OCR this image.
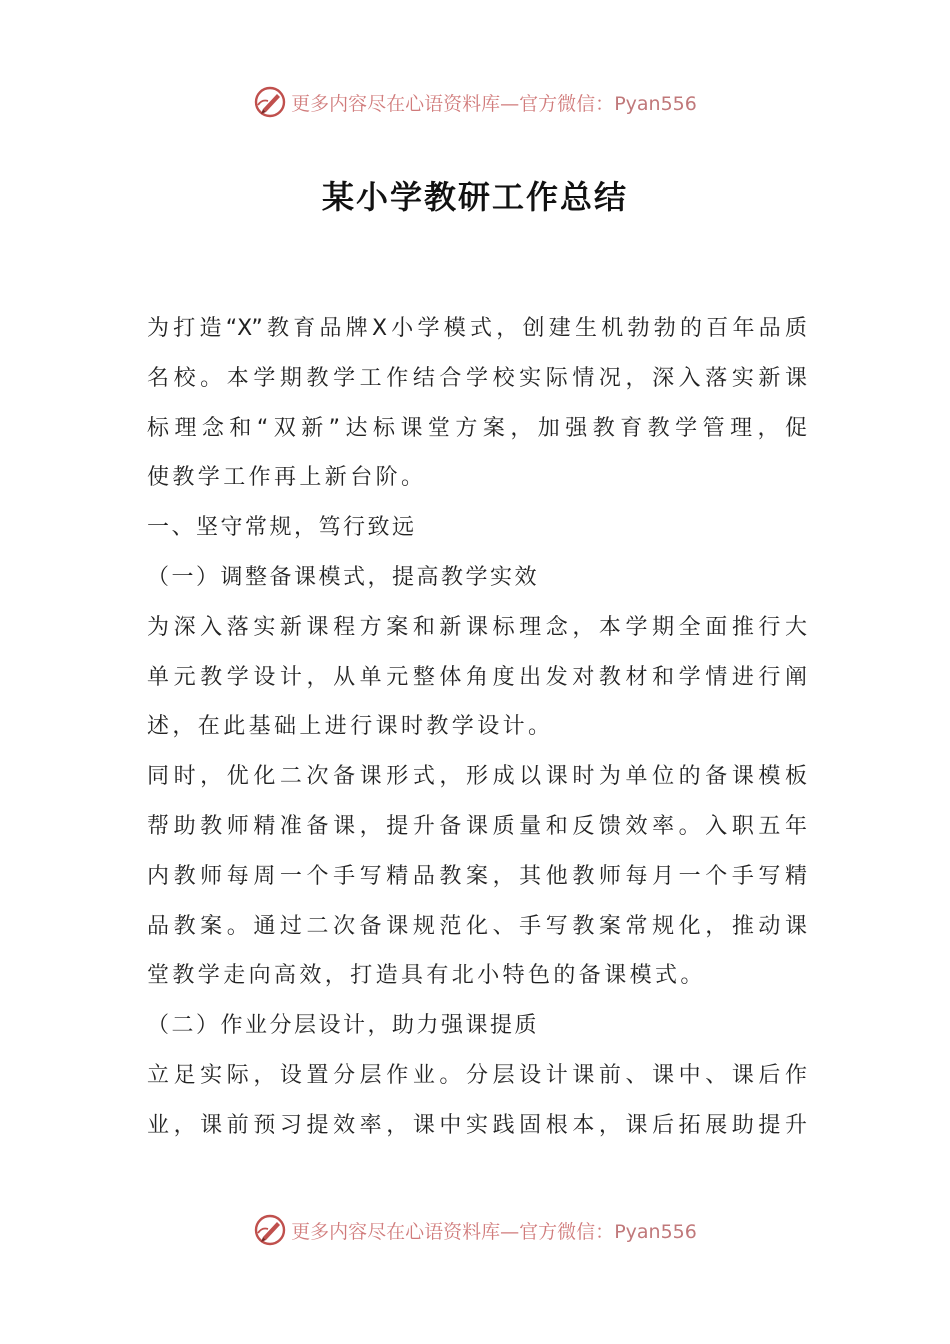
更多内容尽在心语资料库—官方微信：Pyan556
某小学教研工作总结
为打造“X”教育品牌X小学模式，创建生机勃勃的百年品质
名校。本学期教学工作结合学校实际情况，深入落实新课
标理念和“双新”达标课堂方案，加强教育教学管理，促
使教学工作再上新台阶。
一、坚守常规，笃行致远
（一）调整备课模式，提高教学实效
为深入落实新课程方案和新课标理念，本学期全面推行大
单元教学设计，从单元整体角度出发对教材和学情进行阐
述，在此基础上进行课时教学设计。
同时，优化二次备课形式，形成以课时为单位的备课模板
帮助教师精准备课，提升备课质量和反馈效率。入职五年
内教师每周一个手写精品教案，其他教师每月一个手写精
品教案。通过二次备课规范化、手写教案常规化，推动课
堂教学走向高效，打造具有北小特色的备课模式。
（二）作业分层设计，助力强课提质
立足实际，设置分层作业。分层设计课前、课中、课后作
业，课前预习提效率，课中实践固根本，课后拓展助提升
更多内容尽在心语资料库—官方微信：Pyan556
